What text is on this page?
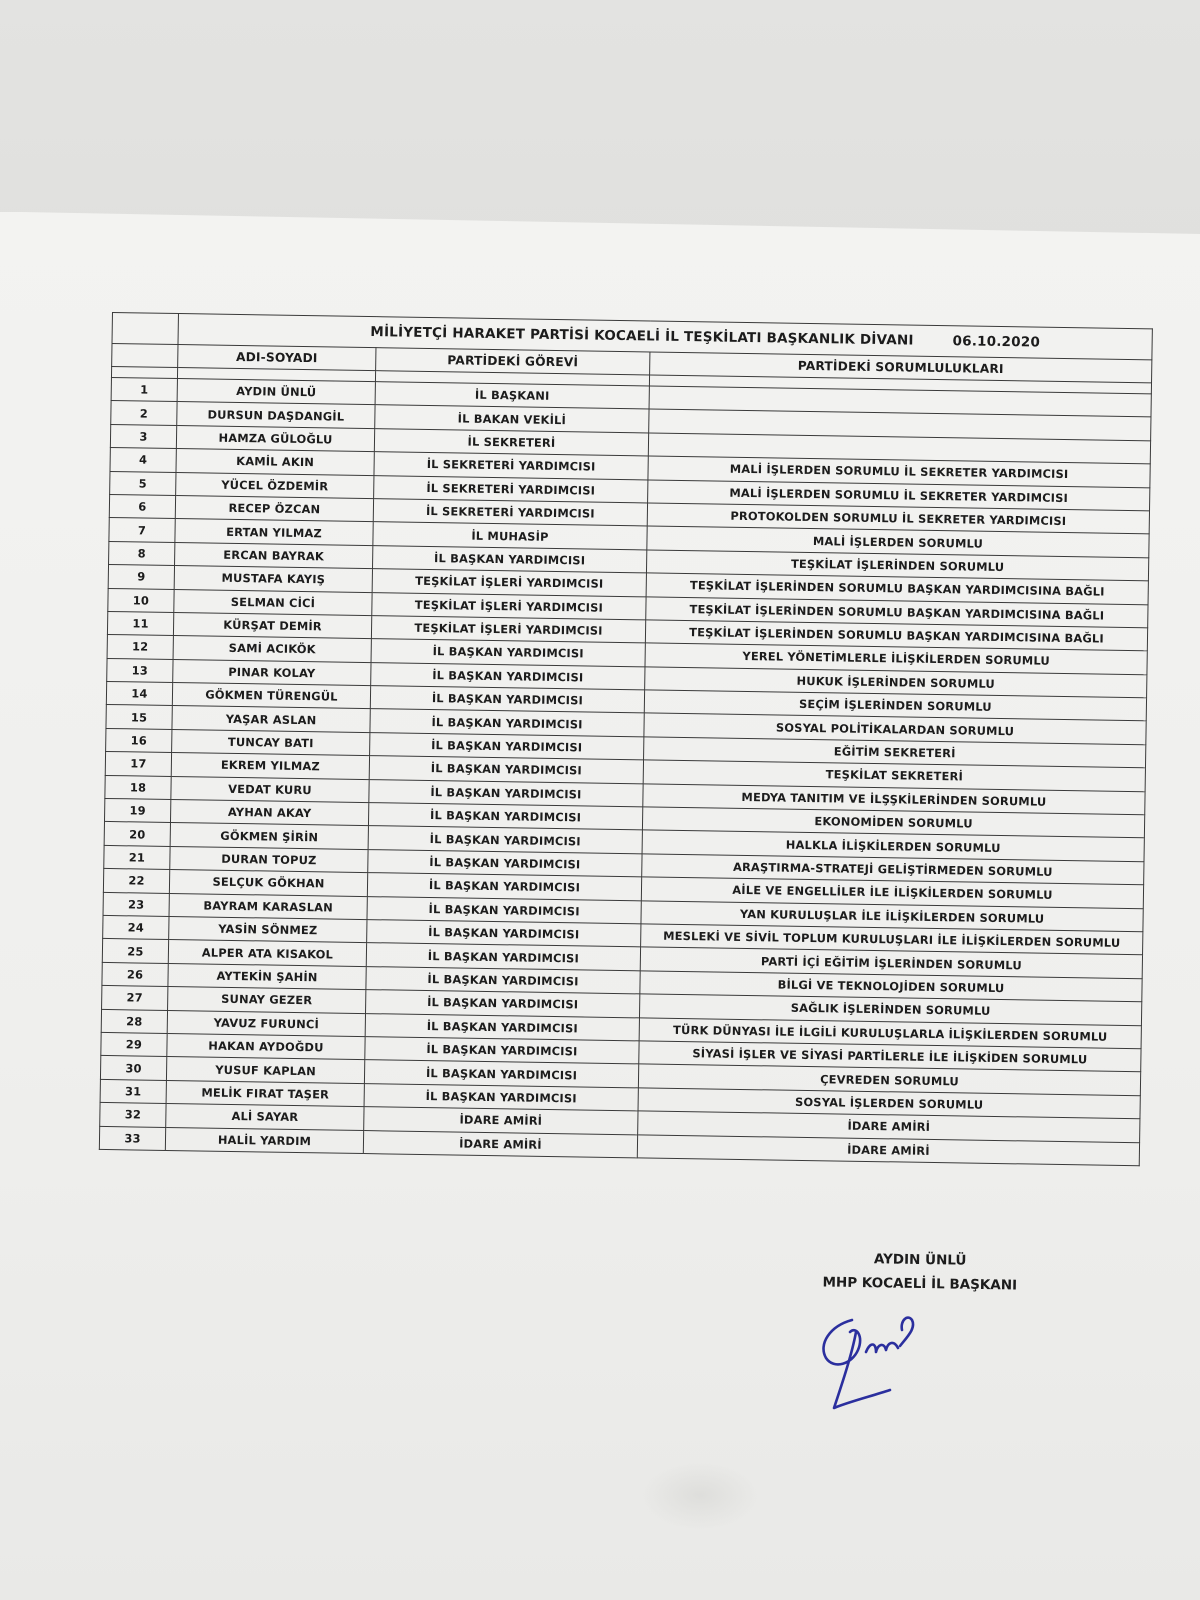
	MİLİYETÇİ HARAKET PARTİSİ KOCAELİ İL TEŞKİLATI BAŞKANLIK DİVANI 06.10.2020		
	ADI-SOYADI	PARTİDEKİ GÖREVİ	PARTİDEKİ SORUMLULUKLARI

1	AYDIN ÜNLÜ	İL BAŞKANI	
2	DURSUN DAŞDANGİL	İL BAKAN VEKİLİ	
3	HAMZA GÜLOĞLU	İL SEKRETERİ	
4	KAMİL AKIN	İL SEKRETERİ YARDIMCISI	MALİ İŞLERDEN SORUMLU İL SEKRETER YARDIMCISI
5	YÜCEL ÖZDEMİR	İL SEKRETERİ YARDIMCISI	MALİ İŞLERDEN SORUMLU İL SEKRETER YARDIMCISI
6	RECEP ÖZCAN	İL SEKRETERİ YARDIMCISI	PROTOKOLDEN SORUMLU İL SEKRETER YARDIMCISI
7	ERTAN YILMAZ	İL MUHASİP	MALİ İŞLERDEN SORUMLU
8	ERCAN BAYRAK	İL BAŞKAN YARDIMCISI	TEŞKİLAT İŞLERİNDEN SORUMLU
9	MUSTAFA KAYIŞ	TEŞKİLAT İŞLERİ YARDIMCISI	TEŞKİLAT İŞLERİNDEN SORUMLU BAŞKAN YARDIMCISINA BAĞLI
10	SELMAN CİCİ	TEŞKİLAT İŞLERİ YARDIMCISI	TEŞKİLAT İŞLERİNDEN SORUMLU BAŞKAN YARDIMCISINA BAĞLI
11	KÜRŞAT DEMİR	TEŞKİLAT İŞLERİ YARDIMCISI	TEŞKİLAT İŞLERİNDEN SORUMLU BAŞKAN YARDIMCISINA BAĞLI
12	SAMİ ACIKÖK	İL BAŞKAN YARDIMCISI	YEREL YÖNETİMLERLE İLİŞKİLERDEN SORUMLU
13	PINAR KOLAY	İL BAŞKAN YARDIMCISI	HUKUK İŞLERİNDEN SORUMLU
14	GÖKMEN TÜRENGÜL	İL BAŞKAN YARDIMCISI	SEÇİM İŞLERİNDEN SORUMLU
15	YAŞAR ASLAN	İL BAŞKAN YARDIMCISI	SOSYAL POLİTİKALARDAN SORUMLU
16	TUNCAY BATI	İL BAŞKAN YARDIMCISI	EĞİTİM SEKRETERİ
17	EKREM YILMAZ	İL BAŞKAN YARDIMCISI	TEŞKİLAT SEKRETERİ
18	VEDAT KURU	İL BAŞKAN YARDIMCISI	MEDYA TANITIM VE İLŞŞKİLERİNDEN SORUMLU
19	AYHAN AKAY	İL BAŞKAN YARDIMCISI	EKONOMİDEN SORUMLU
20	GÖKMEN ŞİRİN	İL BAŞKAN YARDIMCISI	HALKLA İLİŞKİLERDEN SORUMLU
21	DURAN TOPUZ	İL BAŞKAN YARDIMCISI	ARAŞTIRMA-STRATEJİ GELİŞTİRMEDEN SORUMLU
22	SELÇUK GÖKHAN	İL BAŞKAN YARDIMCISI	AİLE VE ENGELLİLER İLE İLİŞKİLERDEN SORUMLU
23	BAYRAM KARASLAN	İL BAŞKAN YARDIMCISI	YAN KURULUŞLAR İLE İLİŞKİLERDEN SORUMLU
24	YASİN SÖNMEZ	İL BAŞKAN YARDIMCISI	MESLEKİ VE SİVİL TOPLUM KURULUŞLARI İLE İLİŞKİLERDEN SORUMLU
25	ALPER ATA KISAKOL	İL BAŞKAN YARDIMCISI	PARTİ İÇİ EĞİTİM İŞLERİNDEN SORUMLU
26	AYTEKİN ŞAHİN	İL BAŞKAN YARDIMCISI	BİLGİ VE TEKNOLOJİDEN SORUMLU
27	SUNAY GEZER	İL BAŞKAN YARDIMCISI	SAĞLIK İŞLERİNDEN SORUMLU
28	YAVUZ FURUNCİ	İL BAŞKAN YARDIMCISI	TÜRK DÜNYASI İLE İLGİLİ KURULUŞLARLA İLİŞKİLERDEN SORUMLU
29	HAKAN AYDOĞDU	İL BAŞKAN YARDIMCISI	SİYASİ İŞLER VE SİYASİ PARTİLERLE İLE İLİŞKİDEN SORUMLU
30	YUSUF KAPLAN	İL BAŞKAN YARDIMCISI	ÇEVREDEN SORUMLU
31	MELİK FIRAT TAŞER	İL BAŞKAN YARDIMCISI	SOSYAL İŞLERDEN SORUMLU
32	ALİ SAYAR	İDARE AMİRİ	İDARE AMİRİ
33	HALİL YARDIM	İDARE AMİRİ	İDARE AMİRİ
AYDIN ÜNLÜ
MHP KOCAELİ İL BAŞKANI
